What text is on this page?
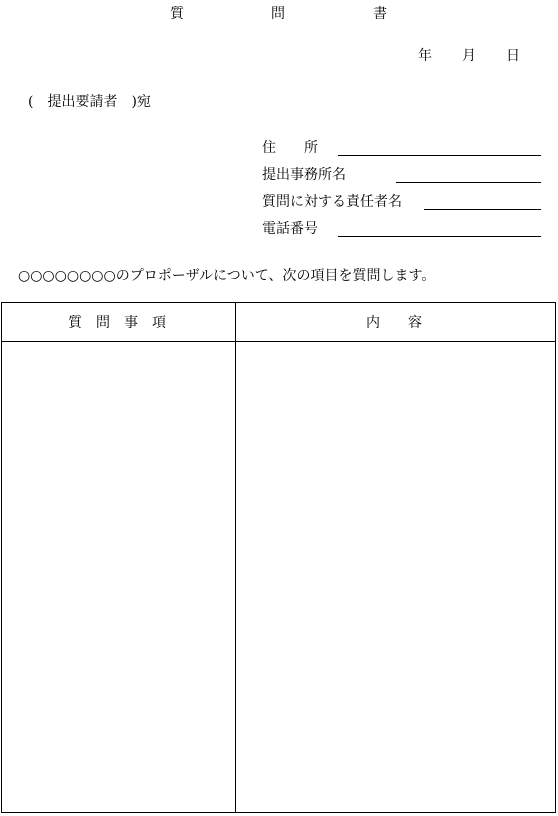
質	問	書
年 月 日
(　提出要請者　)宛
住　　所
提出事務所名
質問に対する責任者名
電話番号
○○○○○○○○のプロポーザルについて、次の項目を質問します。
質　問　事　項	内　　容
